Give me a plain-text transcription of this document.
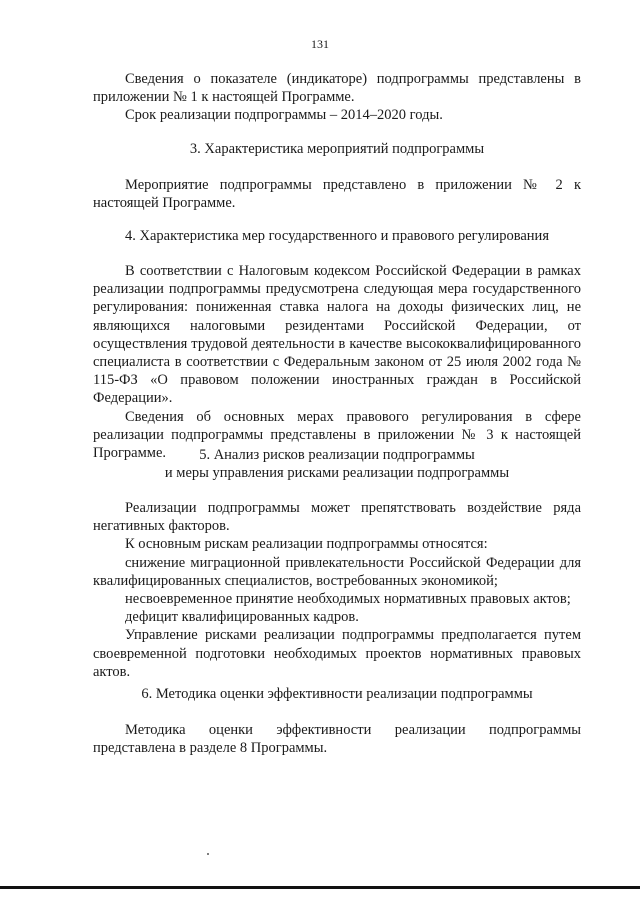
131

Сведения о показателе (индикаторе) подпрограммы представлены в приложении № 1 к настоящей Программе.

Срок реализации подпрограммы – 2014–2020 годы.

3. Характеристика мероприятий подпрограммы

Мероприятие подпрограммы представлено в приложении № 2 к настоящей Программе.

4. Характеристика мер государственного и правового регулирования

В соответствии с Налоговым кодексом Российской Федерации в рамках реализации подпрограммы предусмотрена следующая мера государственного регулирования: пониженная ставка налога на доходы физических лиц, не являющихся налоговыми резидентами Российской Федерации, от осуществления трудовой деятельности в качестве высококвалифицированного специалиста в соответствии с Федеральным законом от 25 июля 2002 года № 115-ФЗ «О правовом положении иностранных граждан в Российской Федерации».

Сведения об основных мерах правового регулирования в сфере реализации подпрограммы представлены в приложении № 3 к настоящей Программе.	5. Анализ рисков реализации подпрограммы
и меры управления рисками реализации подпрограммы

Реализации подпрограммы может препятствовать воздействие ряда негативных факторов.

К основным рискам реализации подпрограммы относятся:

снижение миграционной привлекательности Российской Федерации для квалифицированных специалистов, востребованных экономикой;

несвоевременное принятие необходимых нормативных правовых актов;

дефицит квалифицированных кадров.

Управление рисками реализации подпрограммы предполагается путем своевременной подготовки необходимых проектов нормативных правовых актов.

6. Методика оценки эффективности реализации подпрограммы

Методика оценки эффективности реализации подпрограммы представлена в разделе 8 Программы.
